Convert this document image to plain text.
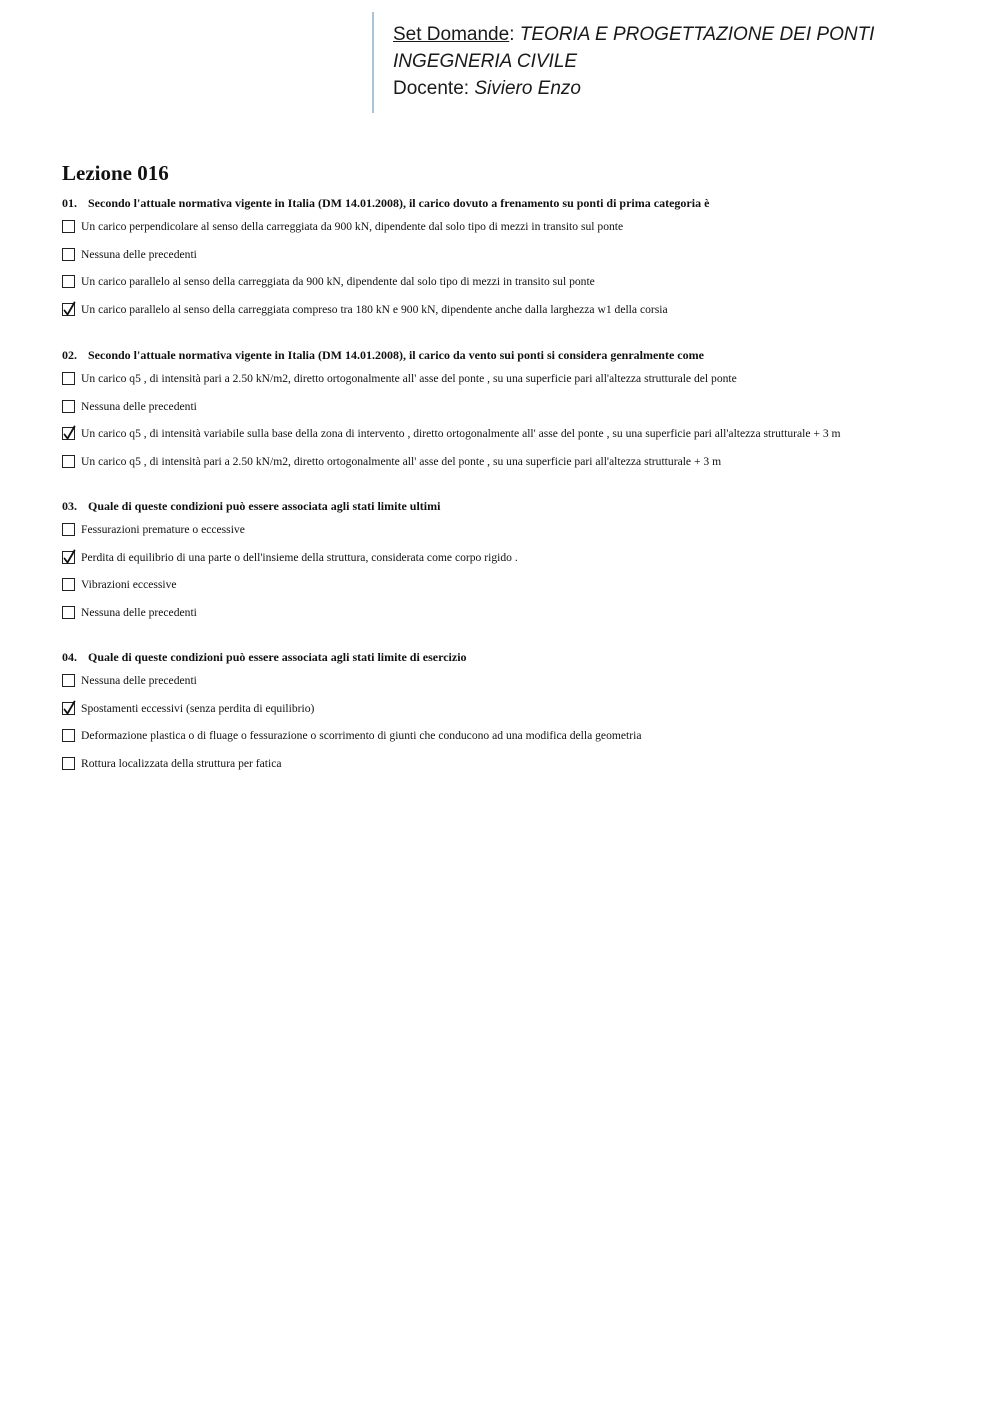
Set Domande: TEORIA E PROGETTAZIONE DEI PONTI
INGEGNERIA CIVILE
Docente: Siviero Enzo
Lezione 016
01. Secondo l'attuale normativa vigente in Italia (DM 14.01.2008), il carico dovuto a frenamento su ponti di prima categoria è
Un carico perpendicolare al senso della carreggiata da 900 kN, dipendente dal solo tipo di mezzi in transito sul ponte
Nessuna delle precedenti
Un carico parallelo al senso della carreggiata da 900 kN, dipendente dal solo tipo di mezzi in transito sul ponte
Un carico parallelo al senso della carreggiata compreso tra 180 kN e 900 kN, dipendente anche dalla larghezza w1 della corsia
02. Secondo l'attuale normativa vigente in Italia (DM 14.01.2008), il carico da vento sui ponti si considera genralmente come
Un carico q5 , di intensità pari a 2.50 kN/m2, diretto ortogonalmente all' asse del ponte , su una superficie pari all'altezza strutturale del ponte
Nessuna delle precedenti
Un carico q5 , di intensità variabile sulla base della zona di intervento , diretto ortogonalmente all' asse del ponte , su una superficie pari all'altezza strutturale + 3 m
Un carico q5 , di intensità pari a 2.50 kN/m2, diretto ortogonalmente all' asse del ponte , su una superficie pari all'altezza strutturale + 3 m
03. Quale di queste condizioni può essere associata agli stati limite ultimi
Fessurazioni premature o eccessive
Perdita di equilibrio di una parte o dell'insieme della struttura, considerata come corpo rigido .
Vibrazioni eccessive
Nessuna delle precedenti
04. Quale di queste condizioni può essere associata agli stati limite di esercizio
Nessuna delle precedenti
Spostamenti eccessivi (senza perdita di equilibrio)
Deformazione plastica o di fluage o fessurazione o scorrimento di giunti che conducono ad una modifica della geometria
Rottura localizzata della struttura per fatica
